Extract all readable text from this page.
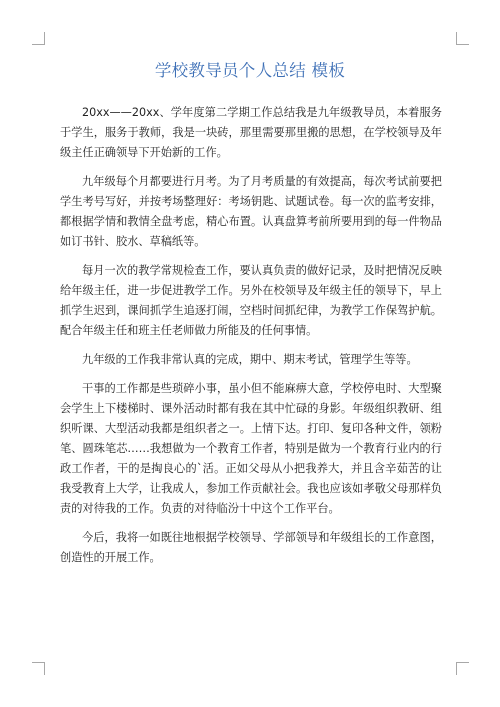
学校教导员个人总结 模板

20xx——20xx、学年度第二学期工作总结我是九年级教导员，本着服务于学生，服务于教师，我是一块砖，那里需要那里搬的思想，在学校领导及年级主任正确领导下开始新的工作。

九年级每个月都要进行月考。为了月考质量的有效提高，每次考试前要把学生考号写好，并按考场整理好：考场钥匙、试题试卷。每一次的监考安排，都根据学情和教情全盘考虑，精心布置。认真盘算考前所要用到的每一件物品如订书针、胶水、草稿纸等。

每月一次的教学常规检查工作，要认真负责的做好记录，及时把情况反映给年级主任，进一步促进教学工作。另外在校领导及年级主任的领导下，早上抓学生迟到，课间抓学生追逐打闹，空档时间抓纪律，为教学工作保驾护航。配合年级主任和班主任老师做力所能及的任何事情。

九年级的工作我非常认真的完成，期中、期末考试，管理学生等等。

干事的工作都是些琐碎小事，虽小但不能麻痹大意，学校停电时、大型聚会学生上下楼梯时、课外活动时都有我在其中忙碌的身影。年级组织教研、组织听课、大型活动我都是组织者之一。上情下达。打印、复印各种文件，领粉笔、圆珠笔芯……我想做为一个教育工作者，特别是做为一个教育行业内的行政工作者，干的是掏良心的`活。正如父母从小把我养大，并且含辛茹苦的让我受教育上大学，让我成人，参加工作贡献社会。我也应该如孝敬父母那样负责的对待我的工作。负责的对待临汾十中这个工作平台。

今后，我将一如既往地根据学校领导、学部领导和年级组长的工作意图，创造性的开展工作。
